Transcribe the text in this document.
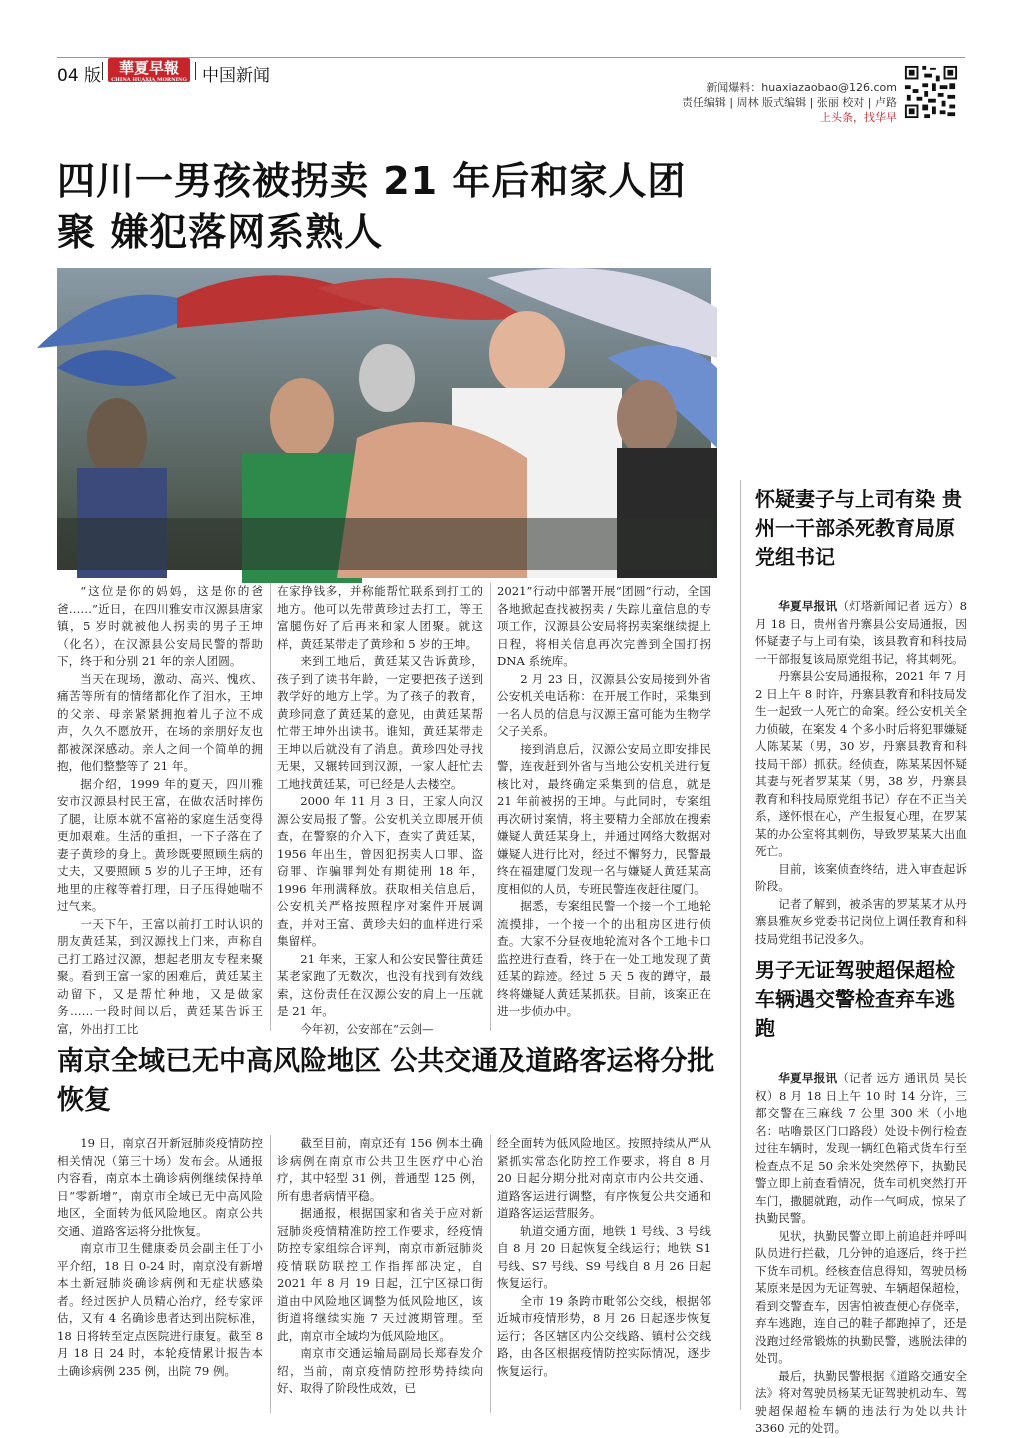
04 版	華夏早報
CHINA HUAXIA MORNING NEWS	中国新闻
新闻爆料：huaxiazaobao@126.com
责任编辑 | 周林 版式编辑 | 张丽 校对 | 卢路
上头条，找华早
四川一男孩被拐卖 21 年后和家人团聚 嫌犯落网系熟人

“这位是你的妈妈，这是你的爸爸……”近日，在四川雅安市汉源县唐家镇，5 岁时就被他人拐卖的男子王坤（化名），在汉源县公安局民警的帮助下，终于和分别 21 年的亲人团圆。

当天在现场，激动、高兴、愧疚、痛苦等所有的情绪都化作了泪水，王坤的父亲、母亲紧紧拥抱着儿子泣不成声，久久不愿放开，在场的亲朋好友也都被深深感动。亲人之间一个简单的拥抱，他们整整等了 21 年。

据介绍，1999 年的夏天，四川雅安市汉源县村民王富，在做农活时摔伤了腿，让原本就不富裕的家庭生活变得更加艰难。生活的重担，一下子落在了妻子黄珍的身上。黄珍既要照顾生病的丈夫，又要照顾 5 岁的儿子王坤，还有地里的庄稼等着打理，日子压得她喘不过气来。

一天下午，王富以前打工时认识的朋友黄廷某，到汉源找上门来，声称自己打工路过汉源，想起老朋友专程来聚聚。看到王富一家的困难后，黄廷某主动留下，又是帮忙种地，又是做家务……一段时间以后，黄廷某告诉王富，外出打工比

在家挣钱多，并称能帮忙联系到打工的地方。他可以先带黄珍过去打工，等王富腿伤好了后再来和家人团聚。就这样，黄廷某带走了黄珍和 5 岁的王坤。

来到工地后，黄廷某又告诉黄珍，孩子到了读书年龄，一定要把孩子送到教学好的地方上学。为了孩子的教育，黄珍同意了黄廷某的意见，由黄廷某帮忙带王坤外出读书。谁知，黄廷某带走王坤以后就没有了消息。黄珍四处寻找无果，又辗转回到汉源，一家人赶忙去工地找黄廷某，可已经是人去楼空。

2000 年 11 月 3 日，王家人向汉源公安局报了警。公安机关立即展开侦查，在警察的介入下，查实了黄廷某，1956 年出生，曾因犯拐卖人口罪、盗窃罪、诈骗罪判处有期徒刑 18 年，1996 年刑满释放。获取相关信息后，公安机关严格按照程序对案件开展调查，并对王富、黄珍夫妇的血样进行采集留样。

21 年来，王家人和公安民警往黄廷某老家跑了无数次，也没有找到有效线索，这份责任在汉源公安的肩上一压就是 21 年。

今年初，公安部在“云剑—

2021”行动中部署开展“团圆”行动，全国各地掀起查找被拐卖 / 失踪儿童信息的专项工作，汉源县公安局将拐卖案继续提上日程，将相关信息再次完善到全国打拐 DNA 系统库。

2 月 23 日，汉源县公安局接到外省公安机关电话称：在开展工作时，采集到一名人员的信息与汉源王富可能为生物学父子关系。

接到消息后，汉源公安局立即安排民警，连夜赶到外省与当地公安机关进行复核比对，最终确定采集到的信息，就是 21 年前被拐的王坤。与此同时，专案组再次研讨案情，将主要精力全部放在搜索嫌疑人黄廷某身上，并通过网络大数据对嫌疑人进行比对，经过不懈努力，民警最终在福建厦门发现一名与嫌疑人黄廷某高度相似的人员，专班民警连夜赶往厦门。

据悉，专案组民警一个接一个工地轮流摸排，一个接一个的出租房区进行侦查。大家不分昼夜地轮流对各个工地卡口监控进行查看，终于在一处工地发现了黄廷某的踪迹。经过 5 天 5 夜的蹲守，最终将嫌疑人黄廷某抓获。目前，该案正在进一步侦办中。

南京全域已无中高风险地区 公共交通及道路客运将分批恢复

19 日，南京召开新冠肺炎疫情防控相关情况（第三十场）发布会。从通报内容看，南京本土确诊病例继续保持单日“零新增”，南京市全域已无中高风险地区，全面转为低风险地区。南京公共交通、道路客运将分批恢复。

南京市卫生健康委员会副主任丁小平介绍，18 日 0-24 时，南京没有新增本土新冠肺炎确诊病例和无症状感染者。经过医护人员精心治疗，经专家评估，又有 4 名确诊患者达到出院标准，18 日将转至定点医院进行康复。截至 8 月 18 日 24 时，本轮疫情累计报告本土确诊病例 235 例，出院 79 例。

截至目前，南京还有 156 例本土确诊病例在南京市公共卫生医疗中心治疗，其中轻型 31 例，普通型 125 例，所有患者病情平稳。

据通报，根据国家和省关于应对新冠肺炎疫情精准防控工作要求，经疫情防控专家组综合评判，南京市新冠肺炎疫情联防联控工作指挥部决定，自 2021 年 8 月 19 日起，江宁区禄口街道由中风险地区调整为低风险地区，该街道将继续实施 7 天过渡期管理。至此，南京市全域均为低风险地区。

南京市交通运输局副局长郑春发介绍，当前，南京疫情防控形势持续向好、取得了阶段性成效，已

经全面转为低风险地区。按照持续从严从紧抓实常态化防控工作要求，将自 8 月 20 日起分期分批对南京市内公共交通、道路客运进行调整，有序恢复公共交通和道路客运运营服务。

轨道交通方面，地铁 1 号线、3 号线自 8 月 20 日起恢复全线运行；地铁 S1 号线、S7 号线、S9 号线自 8 月 26 日起恢复运行。

全市 19 条跨市毗邻公交线，根据邻近城市疫情形势，8 月 26 日起逐步恢复运行；各区辖区内公交线路、镇村公交线路，由各区根据疫情防控实际情况，逐步恢复运行。

怀疑妻子与上司有染 贵州一干部杀死教育局原党组书记

华夏早报讯（灯塔新闻记者 远方）8 月 18 日，贵州省丹寨县公安局通报，因怀疑妻子与上司有染，该县教育和科技局一干部报复该局原党组书记，将其刺死。

丹寨县公安局通报称，2021 年 7 月 2 日上午 8 时许，丹寨县教育和科技局发生一起致一人死亡的命案。经公安机关全力侦破，在案发 4 个多小时后将犯罪嫌疑人陈某某（男，30 岁，丹寨县教育和科技局干部）抓获。经侦查，陈某某因怀疑其妻与死者罗某某（男，38 岁，丹寨县教育和科技局原党组书记）存在不正当关系，遂怀恨在心，产生报复心理，在罗某某的办公室将其刺伤，导致罗某某大出血死亡。

目前，该案侦查终结，进入审查起诉阶段。

记者了解到，被杀害的罗某某才从丹寨县雅灰乡党委书记岗位上调任教育和科技局党组书记没多久。

男子无证驾驶超保超检 车辆遇交警检查弃车逃跑

华夏早报讯（记者 远方 通讯员 吴长权）8 月 18 日上午 10 时 14 分许，三都交警在三麻线 7 公里 300 米（小地名：咕噜景区门口路段）处设卡例行检查过往车辆时，发现一辆红色箱式货车行至检查点不足 50 余米处突然停下，执勤民警立即上前查看情况，货车司机突然打开车门，撒腿就跑，动作一气呵成，惊呆了执勤民警。

见状，执勤民警立即上前追赶并呼叫队员进行拦截，几分钟的追逐后，终于拦下货车司机。经核查信息得知，驾驶员杨某原来是因为无证驾驶、车辆超保超检，看到交警查车，因害怕被查便心存侥幸，弃车逃跑，连自己的鞋子都跑掉了，还是没跑过经常锻炼的执勤民警，逃脱法律的处罚。

最后，执勤民警根据《道路交通安全法》将对驾驶员杨某无证驾驶机动车、驾驶超保超检车辆的违法行为处以共计 3360 元的处罚。
